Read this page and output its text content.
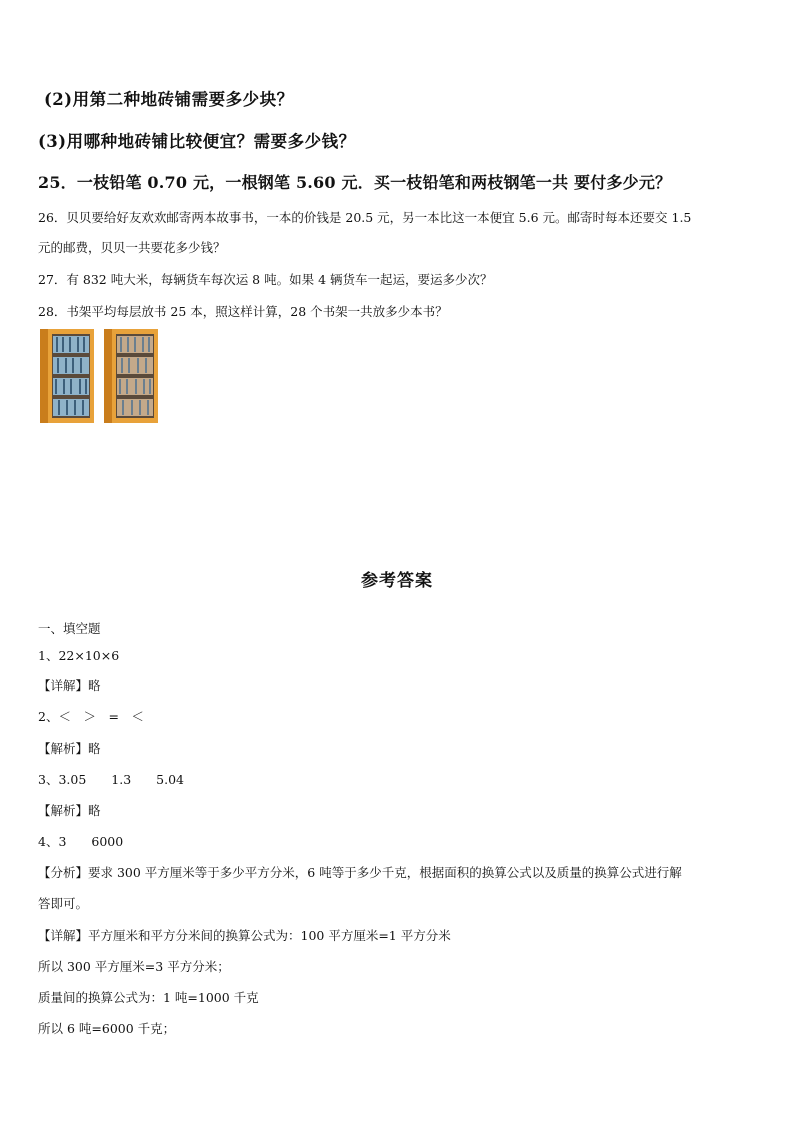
(2)用第二种地砖铺需要多少块？
(3)用哪种地砖铺比较便宜？需要多少钱？
25．一枝铅笔 0.70 元，一根钢笔 5.60 元．买一枝铅笔和两枝钢笔一共 要付多少元？
26．贝贝要给好友欢欢邮寄两本故事书，一本的价钱是 20.5 元，另一本比这一本便宜 5.6 元。邮寄时每本还要交 1.5
元的邮费，贝贝一共要花多少钱？
27．有 832 吨大米，每辆货车每次运 8 吨。如果 4 辆货车一起运，要运多少次？
28．书架平均每层放书 25 本，照这样计算，28 个书架一共放多少本书？
参考答案
一、填空题
1、22×10×6
【详解】略
2、＜　＞　=　＜
【解析】略
3、3.05　　1.3　　5.04
【解析】略
4、3　　6000
【分析】要求 300 平方厘米等于多少平方分米，6 吨等于多少千克，根据面积的换算公式以及质量的换算公式进行解
答即可。
【详解】平方厘米和平方分米间的换算公式为：100 平方厘米=1 平方分米
所以 300 平方厘米=3 平方分米；
质量间的换算公式为：1 吨=1000 千克
所以 6 吨=6000 千克；
